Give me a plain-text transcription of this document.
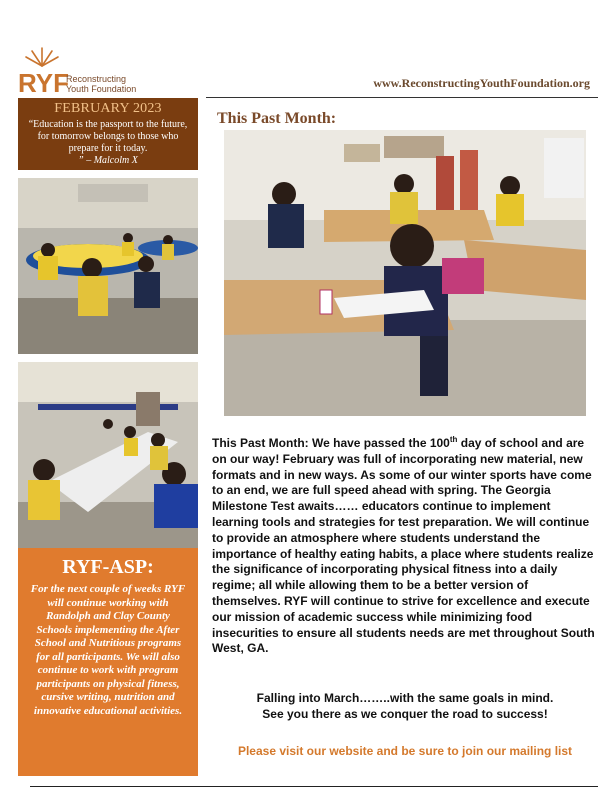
RYF
Reconstructing
Youth Foundation	www.ReconstructingYouthFoundation.org
FEBRUARY 2023
“Education is the passport to the future, for tomorrow belongs to those who prepare for it today.
” – Malcolm X
RYF-ASP:
For the next couple of weeks RYF will continue working with Randolph and Clay County Schools implementing the After School and Nutritious programs for all participants. We will also continue to work with program participants on physical fitness, cursive writing, nutrition and innovative educational activities.
This Past Month:
This Past Month: We have passed the 100th day of school and are on our way! February was full of incorporating new material, new formats and in new ways. As some of our winter sports have come to an end, we are full speed ahead with spring. The Georgia Milestone Test awaits…… educators continue to implement learning tools and strategies for test preparation. We will continue to provide an atmosphere where students understand the importance of healthy eating habits, a place where students realize the significance of incorporating physical fitness into a daily regime; all while allowing them to be a better version of themselves. RYF will continue to strive for excellence and execute our mission of academic success while minimizing food insecurities to ensure all students needs are met throughout South West, GA.
Falling into March……..with the same goals in mind.
See you there as we conquer the road to success!
Please visit our website and be sure to join our mailing list
